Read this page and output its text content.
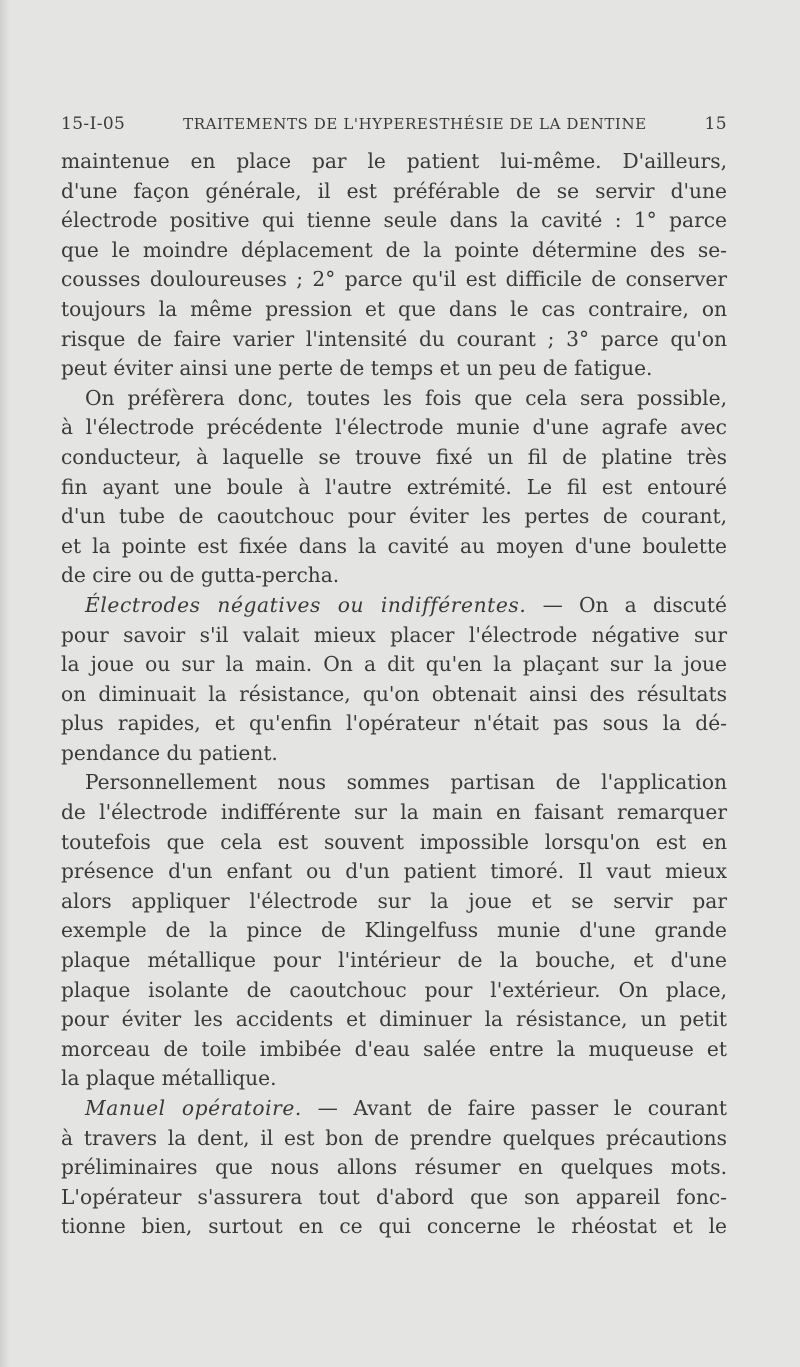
15-I-05	TRAITEMENTS DE L'HYPERESTHÉSIE DE LA DENTINE	15
maintenue en place par le patient lui-même. D'ailleurs,
d'une façon générale, il est préférable de se servir d'une
électrode positive qui tienne seule dans la cavité : 1° parce
que le moindre déplacement de la pointe détermine des se-
cousses douloureuses ; 2° parce qu'il est difficile de conserver
toujours la même pression et que dans le cas contraire, on
risque de faire varier l'intensité du courant ; 3° parce qu'on
peut éviter ainsi une perte de temps et un peu de fatigue.
On préfèrera donc, toutes les fois que cela sera possible,
à l'électrode précédente l'électrode munie d'une agrafe avec
conducteur, à laquelle se trouve fixé un fil de platine très
fin ayant une boule à l'autre extrémité. Le fil est entouré
d'un tube de caoutchouc pour éviter les pertes de courant,
et la pointe est fixée dans la cavité au moyen d'une boulette
de cire ou de gutta-percha.
Électrodes négatives ou indifférentes. — On a discuté
pour savoir s'il valait mieux placer l'électrode négative sur
la joue ou sur la main. On a dit qu'en la plaçant sur la joue
on diminuait la résistance, qu'on obtenait ainsi des résultats
plus rapides, et qu'enfin l'opérateur n'était pas sous la dé-
pendance du patient.
Personnellement nous sommes partisan de l'application
de l'électrode indifférente sur la main en faisant remarquer
toutefois que cela est souvent impossible lorsqu'on est en
présence d'un enfant ou d'un patient timoré. Il vaut mieux
alors appliquer l'électrode sur la joue et se servir par
exemple de la pince de Klingelfuss munie d'une grande
plaque métallique pour l'intérieur de la bouche, et d'une
plaque isolante de caoutchouc pour l'extérieur. On place,
pour éviter les accidents et diminuer la résistance, un petit
morceau de toile imbibée d'eau salée entre la muqueuse et
la plaque métallique.
Manuel opératoire. — Avant de faire passer le courant
à travers la dent, il est bon de prendre quelques précautions
préliminaires que nous allons résumer en quelques mots.
L'opérateur s'assurera tout d'abord que son appareil fonc-
tionne bien, surtout en ce qui concerne le rhéostat et le
